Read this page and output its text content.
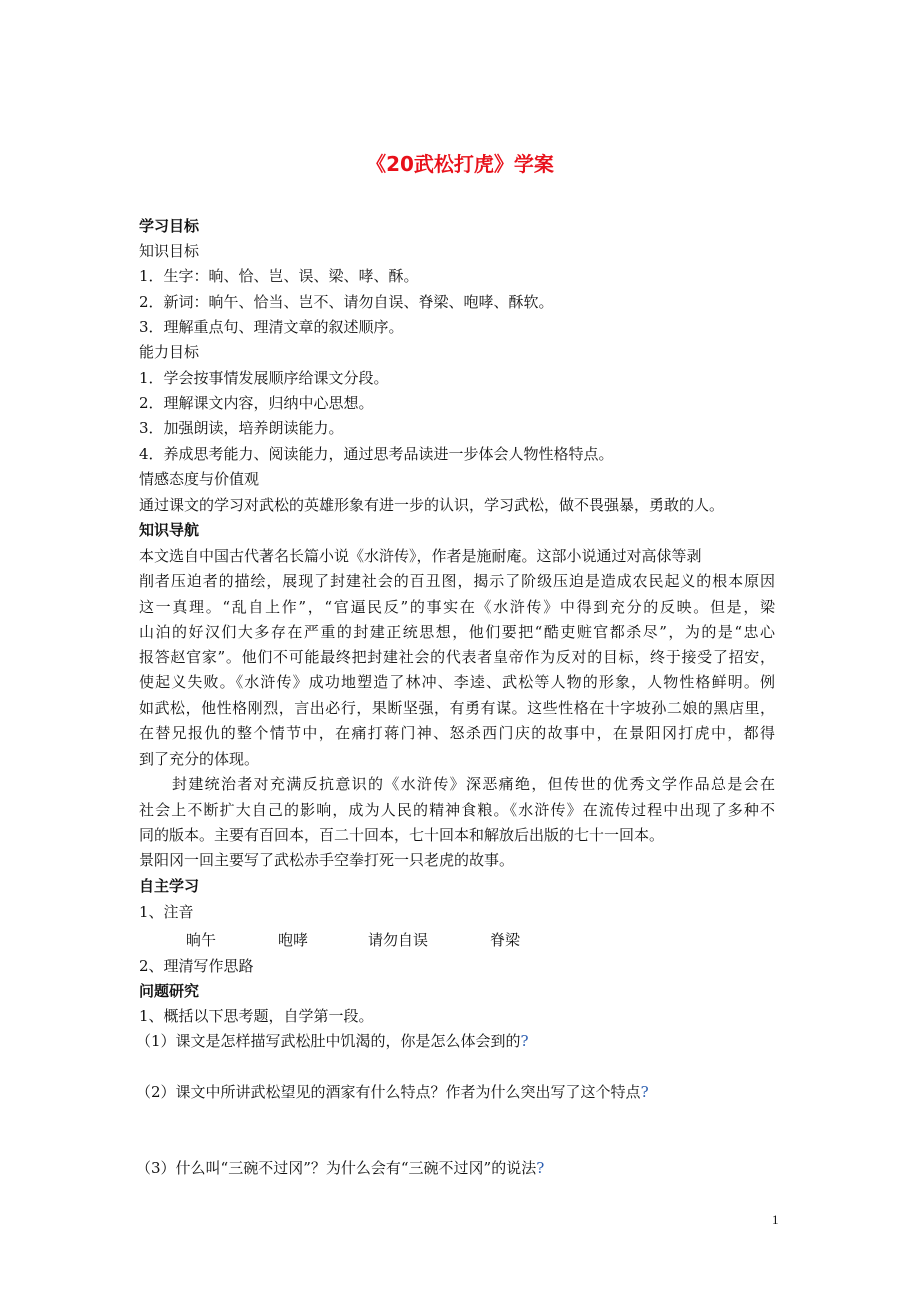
《20武松打虎》学案
学习目标
知识目标
1．生字：晌、恰、岂、误、梁、哮、酥。
2．新词：晌午、恰当、岂不、请勿自误、脊梁、咆哮、酥软。
3．理解重点句、理清文章的叙述顺序。
能力目标
1．学会按事情发展顺序给课文分段。
2．理解课文内容，归纳中心思想。
3．加强朗读，培养朗读能力。
4．养成思考能力、阅读能力，通过思考品读进一步体会人物性格特点。
情感态度与价值观
通过课文的学习对武松的英雄形象有进一步的认识，学习武松，做不畏强暴，勇敢的人。
知识导航
本文选自中国古代著名长篇小说《水浒传》，作者是施耐庵。这部小说通过对高俅等剥
削者压迫者的描绘，展现了封建社会的百丑图，揭示了阶级压迫是造成农民起义的根本原因
这一真理。“乱自上作”，“官逼民反”的事实在《水浒传》中得到充分的反映。但是，梁
山泊的好汉们大多存在严重的封建正统思想，他们要把“酷吏赃官都杀尽”，为的是“忠心
报答赵官家”。他们不可能最终把封建社会的代表者皇帝作为反对的目标，终于接受了招安，
使起义失败。《水浒传》成功地塑造了林冲、李逵、武松等人物的形象，人物性格鲜明。例
如武松，他性格刚烈，言出必行，果断坚强，有勇有谋。这些性格在十字坡孙二娘的黑店里，
在替兄报仇的整个情节中，在痛打蒋门神、怒杀西门庆的故事中，在景阳冈打虎中，都得
到了充分的体现。
封建统治者对充满反抗意识的《水浒传》深恶痛绝，但传世的优秀文学作品总是会在
社会上不断扩大自己的影响，成为人民的精神食粮。《水浒传》在流传过程中出现了多种不
同的版本。主要有百回本，百二十回本，七十回本和解放后出版的七十一回本。
景阳冈一回主要写了武松赤手空拳打死一只老虎的故事。
自主学习
1、注音
晌午	咆哮	请勿自误	脊梁
2、理清写作思路
问题研究
1、概括以下思考题，自学第一段。
（1）课文是怎样描写武松肚中饥渴的，你是怎么体会到的?
（2）课文中所讲武松望见的酒家有什么特点？作者为什么突出写了这个特点?
（3）什么叫“三碗不过冈”？为什么会有“三碗不过冈”的说法?
1
